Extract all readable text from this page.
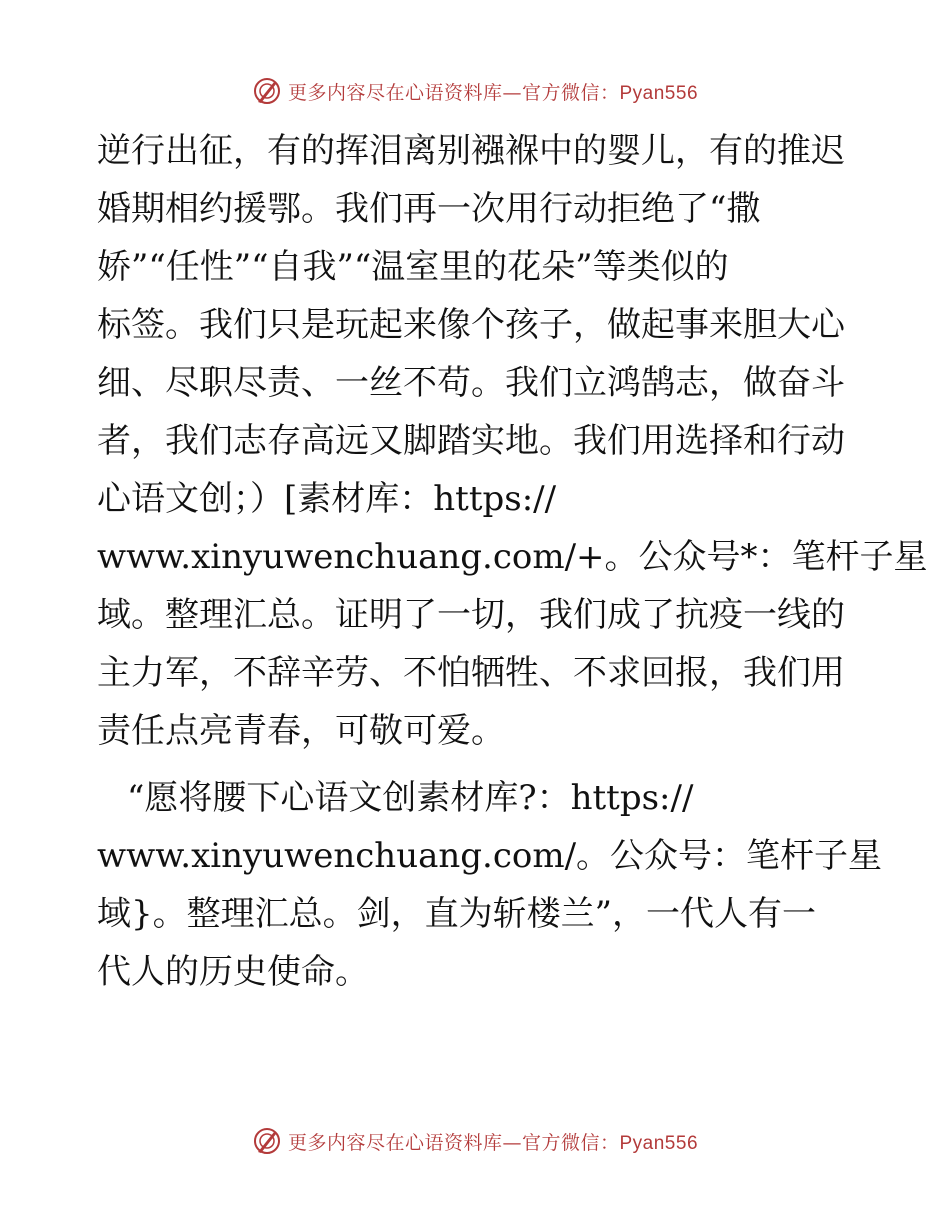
更多内容尽在心语资料库—官方微信：Pyan556
逆行出征，有的挥泪离别襁褓中的婴儿，有的推迟
婚期相约援鄂。我们再一次用行动拒绝了“撒
娇”“任性”“自我”“温室里的花朵”等类似的
标签。我们只是玩起来像个孩子，做起事来胆大心
细、尽职尽责、一丝不苟。我们立鸿鹄志，做奋斗
者，我们志存高远又脚踏实地。我们用选择和行动
心语文创；）[素材库：https://
www.xinyuwenchuang.com/+。公众号*：笔杆子星
域。整理汇总。证明了一切，我们成了抗疫一线的
主力军，不辞辛劳、不怕牺牲、不求回报，我们用
责任点亮青春，可敬可爱。
“愿将腰下心语文创素材库?：https://
www.xinyuwenchuang.com/。公众号：笔杆子星
域}。整理汇总。剑，直为斩楼兰”，一代人有一
代人的历史使命。
更多内容尽在心语资料库—官方微信：Pyan556
